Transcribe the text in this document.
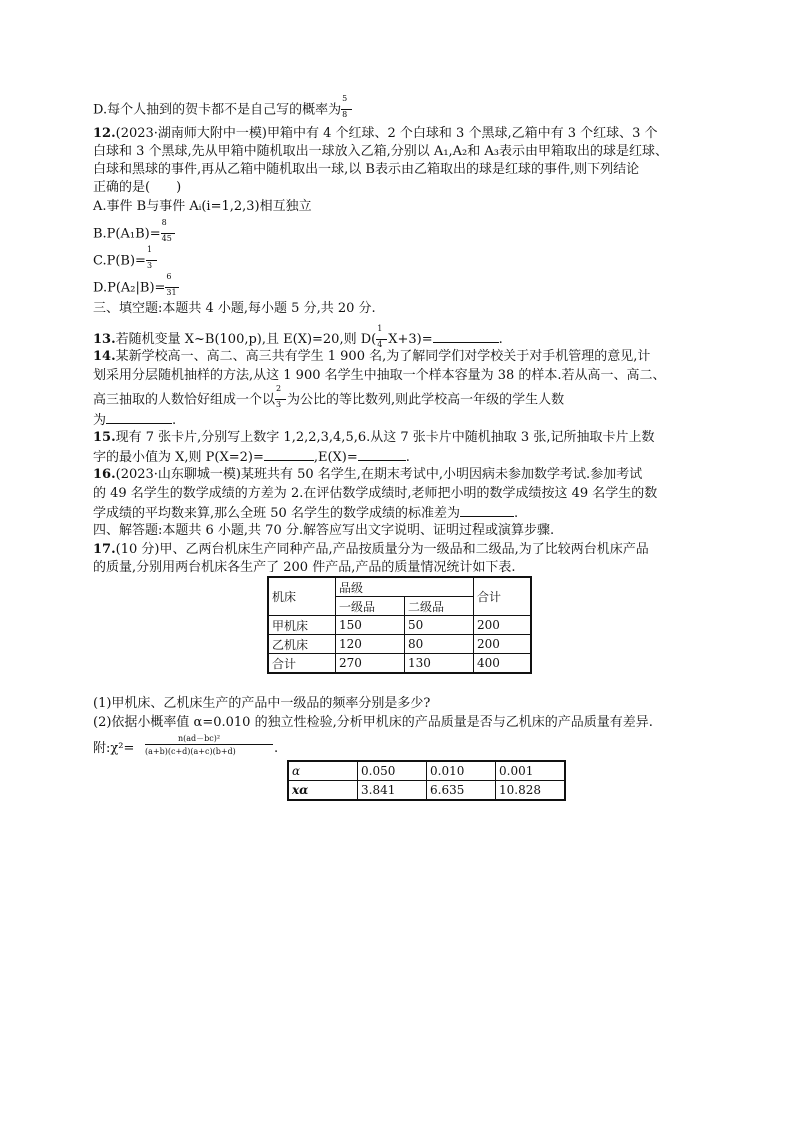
D.每个人抽到的贺卡都不是自己写的概率为 $\frac{5}{8}$
12.(2023·湖南师大附中一模)甲箱中有 4 个红球、2 个白球和 3 个黑球,乙箱中有 3 个红球、3 个
白球和 3 个黑球,先从甲箱中随机取出一球放入乙箱,分别以 A₁,A₂和 A₃表示由甲箱取出的球是红球、
白球和黑球的事件,再从乙箱中随机取出一球,以 B表示由乙箱取出的球是红球的事件,则下列结论
正确的是(　　)
A.事件 B与事件 Aᵢ(i=1,2,3)相互独立
$B.P(A_1B)= \frac{8}{45}$
$C.P(B)= \frac{1}{3}$
$D.P(A_2|B)= \frac{6}{31}$
三、填空题:本题共 4 小题,每小题 5 分,共 20 分.
13.若随机变量 X~B(100,p),且 E(X)=20,则 $D( \frac{1}{4} X+3)=$	.
14.某新学校高一、高二、高三共有学生 1 900 名,为了解同学们对学校关于对手机管理的意见,计
划采用分层随机抽样的方法,从这 1 900 名学生中抽取一个样本容量为 38 的样本.若从高一、高二、
高三抽取的人数恰好组成一个以 $\frac{2}{3}$ 为公比的等比数列,则此学校高一年级的学生人数
为	.
15.现有 7 张卡片,分别写上数字 1,2,2,3,4,5,6.从这 7 张卡片中随机抽取 3 张,记所抽取卡片上数
字的最小值为 X,则 P(X=2)=	,E(X)=	.
16.(2023·山东聊城一模)某班共有 50 名学生,在期末考试中,小明因病未参加数学考试.参加考试
的 49 名学生的数学成绩的方差为 2.在评估数学成绩时,老师把小明的数学成绩按这 49 名学生的数
学成绩的平均数来算,那么全班 50 名学生的数学成绩的标准差为	.
四、解答题:本题共 6 小题,共 70 分.解答应写出文字说明、证明过程或演算步骤.
17.(10 分)甲、乙两台机床生产同种产品,产品按质量分为一级品和二级品,为了比较两台机床产品
的质量,分别用两台机床各生产了 200 件产品,产品的质量情况统计如下表.
机床	品级		合计
	一级品	二级品	
甲机床	150	50	200
乙机床	120	80	200
合计	270	130	400
(1)甲机床、乙机床生产的产品中一级品的频率分别是多少?
(2)依据小概率值 α=0.010 的独立性检验,分析甲机床的产品质量是否与乙机床的产品质量有差异.
附:χ²=
n(ad－bc)²
(a+b)(c+d)(a+c)(b+d)	.
α	0.050	0.010	0.001
xα	3.841	6.635	10.828
